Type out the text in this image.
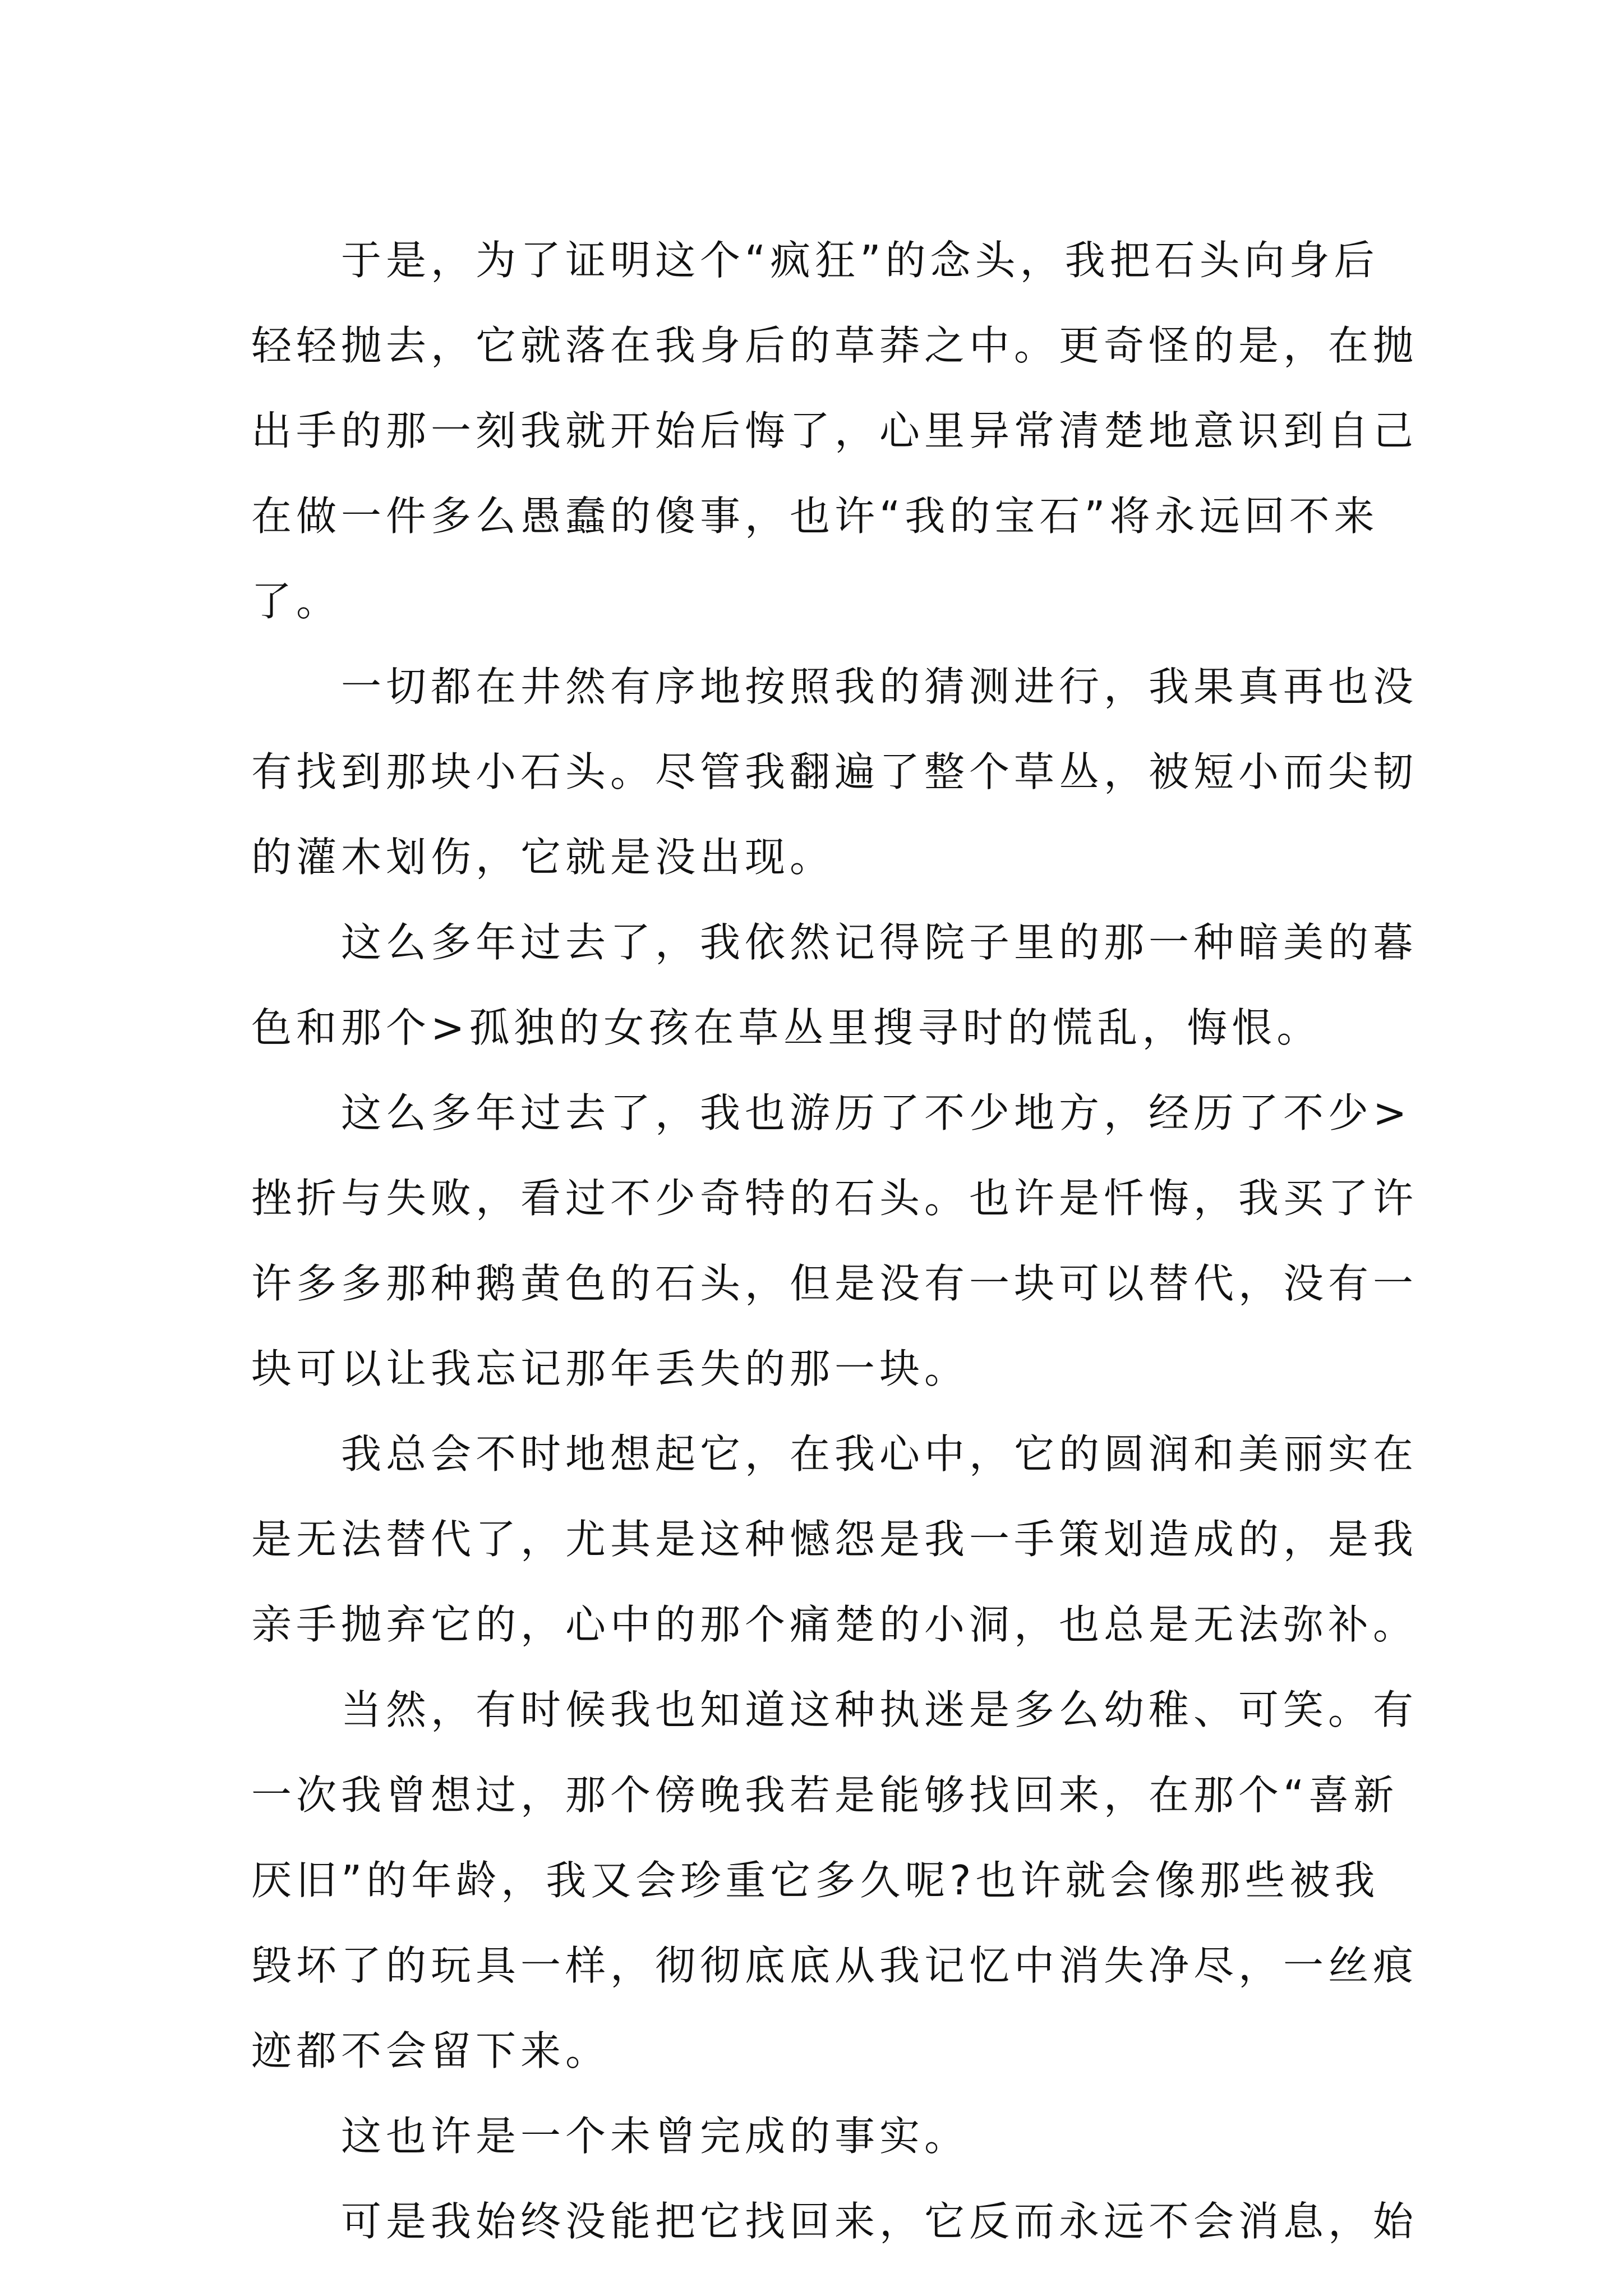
　　于是，为了证明这个“疯狂”的念头，我把石头向身后
轻轻抛去，它就落在我身后的草莽之中。更奇怪的是，在抛
出手的那一刻我就开始后悔了，心里异常清楚地意识到自己
在做一件多么愚蠢的傻事，也许“我的宝石”将永远回不来
了。
　　一切都在井然有序地按照我的猜测进行，我果真再也没
有找到那块小石头。尽管我翻遍了整个草丛，被短小而尖韧
的灌木划伤，它就是没出现。
　　这么多年过去了，我依然记得院子里的那一种暗美的暮
色和那个>孤独的女孩在草丛里搜寻时的慌乱，悔恨。
　　这么多年过去了，我也游历了不少地方，经历了不少>
挫折与失败，看过不少奇特的石头。也许是忏悔，我买了许
许多多那种鹅黄色的石头，但是没有一块可以替代，没有一
块可以让我忘记那年丢失的那一块。
　　我总会不时地想起它，在我心中，它的圆润和美丽实在
是无法替代了，尤其是这种憾怨是我一手策划造成的，是我
亲手抛弃它的，心中的那个痛楚的小洞，也总是无法弥补。
　　当然，有时候我也知道这种执迷是多么幼稚、可笑。有
一次我曾想过，那个傍晚我若是能够找回来，在那个“喜新
厌旧”的年龄，我又会珍重它多久呢?也许就会像那些被我
毁坏了的玩具一样，彻彻底底从我记忆中消失净尽，一丝痕
迹都不会留下来。
　　这也许是一个未曾完成的事实。
　　可是我始终没能把它找回来，它反而永远不会消息，始
